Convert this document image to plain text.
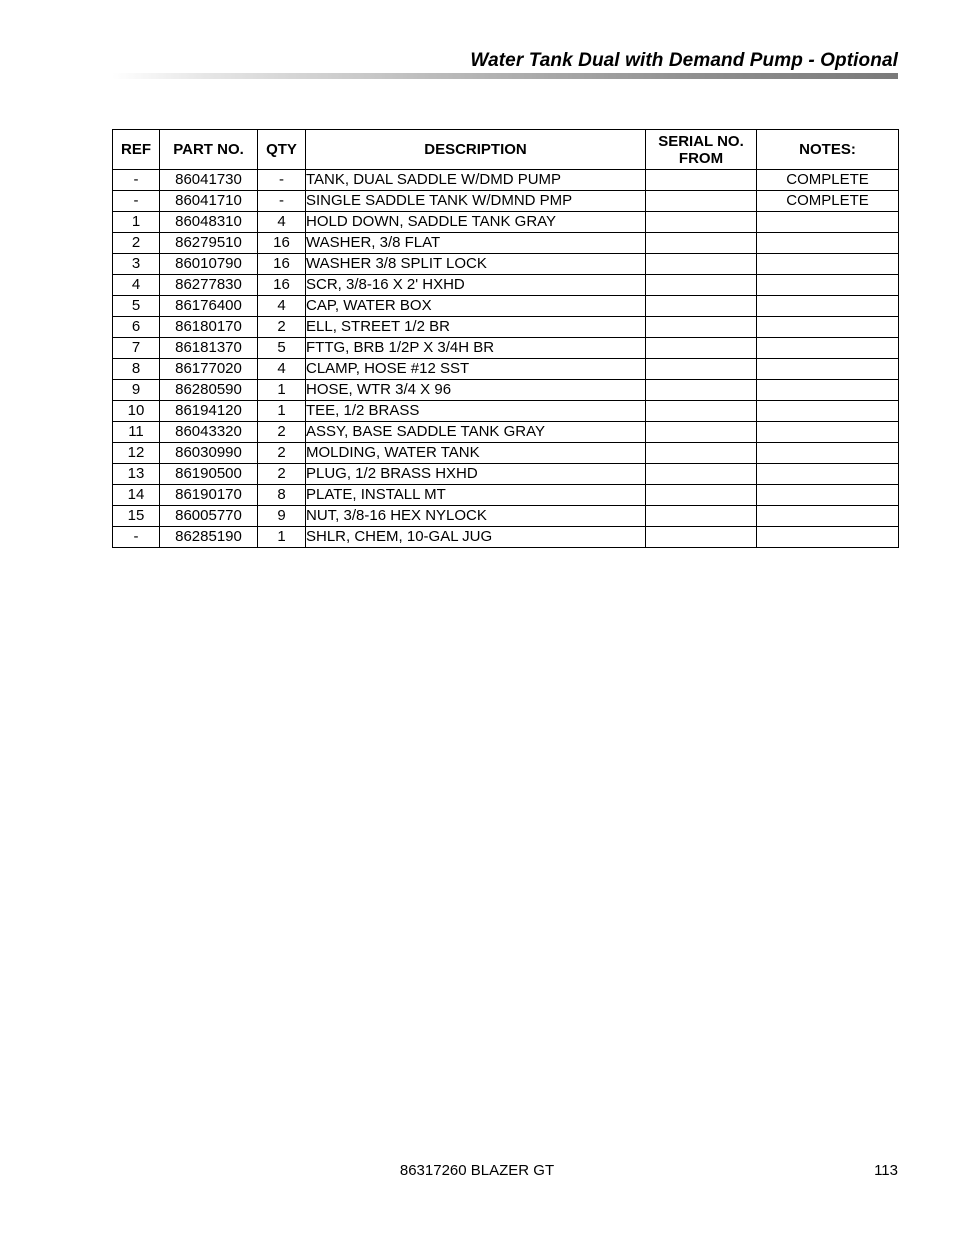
Water Tank Dual with Demand Pump - Optional
REF	PART NO.	QTY	DESCRIPTION	SERIAL NO. FROM	NOTES:
-	86041730	-	TANK, DUAL SADDLE W/DMD PUMP		COMPLETE
-	86041710	-	SINGLE SADDLE TANK W/DMND PMP		COMPLETE
1	86048310	4	HOLD DOWN, SADDLE TANK GRAY		
2	86279510	16	WASHER, 3/8 FLAT		
3	86010790	16	WASHER 3/8 SPLIT LOCK		
4	86277830	16	SCR, 3/8-16 X 2' HXHD		
5	86176400	4	CAP, WATER BOX		
6	86180170	2	ELL, STREET 1/2 BR		
7	86181370	5	FTTG, BRB 1/2P X 3/4H BR		
8	86177020	4	CLAMP, HOSE #12 SST		
9	86280590	1	HOSE, WTR 3/4 X 96		
10	86194120	1	TEE, 1/2 BRASS		
11	86043320	2	ASSY, BASE SADDLE TANK GRAY		
12	86030990	2	MOLDING, WATER TANK		
13	86190500	2	PLUG, 1/2 BRASS HXHD		
14	86190170	8	PLATE, INSTALL MT		
15	86005770	9	NUT, 3/8-16 HEX NYLOCK		
-	86285190	1	SHLR, CHEM, 10-GAL JUG		
86317260 BLAZER GT	113
